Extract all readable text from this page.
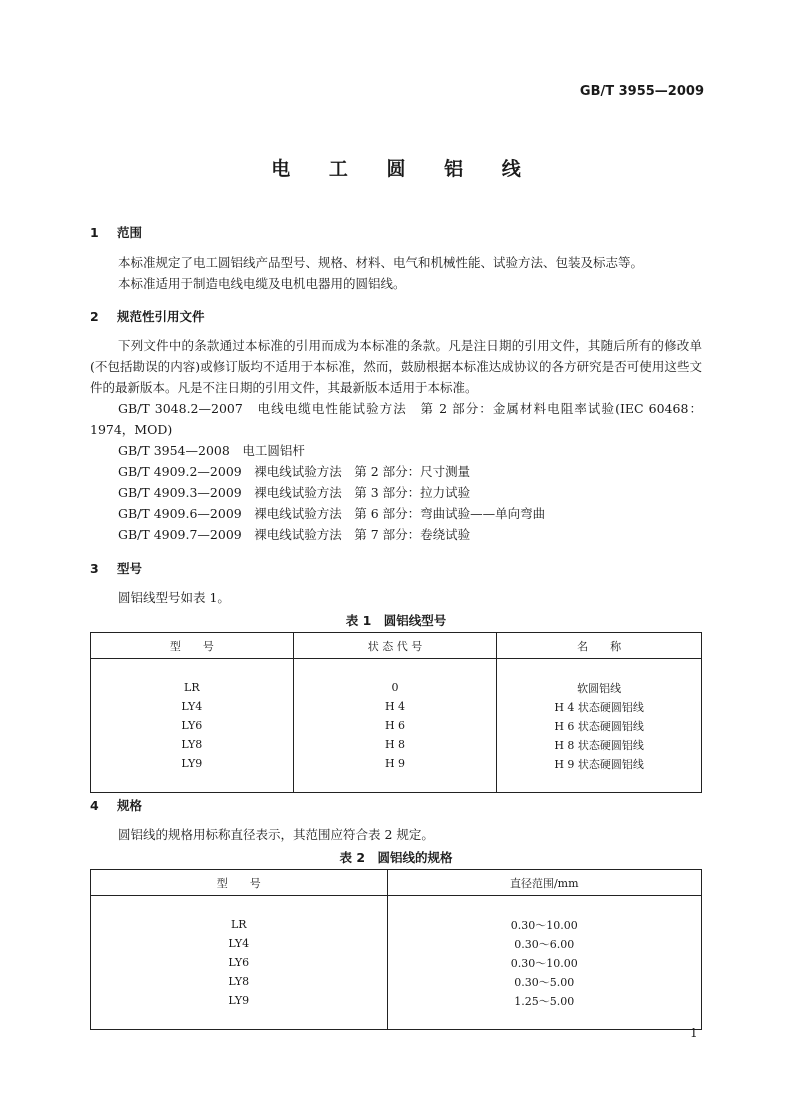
GB/T 3955—2009
电 工 圆 铝 线
1 范围
本标准规定了电工圆铝线产品型号、规格、材料、电气和机械性能、试验方法、包装及标志等。
本标准适用于制造电线电缆及电机电器用的圆铝线。
2 规范性引用文件
下列文件中的条款通过本标准的引用而成为本标准的条款。凡是注日期的引用文件，其随后所有的修改单(不包括勘误的内容)或修订版均不适用于本标准，然而，鼓励根据本标准达成协议的各方研究是否可使用这些文件的最新版本。凡是不注日期的引用文件，其最新版本适用于本标准。
GB/T 3048.2—2007　电线电缆电性能试验方法　第 2 部分：金属材料电阻率试验(IEC 60468：1974，MOD)
GB/T 3954—2008　电工圆铝杆
GB/T 4909.2—2009　裸电线试验方法　第 2 部分：尺寸测量
GB/T 4909.3—2009　裸电线试验方法　第 3 部分：拉力试验
GB/T 4909.6—2009　裸电线试验方法　第 6 部分：弯曲试验——单向弯曲
GB/T 4909.7—2009　裸电线试验方法　第 7 部分：卷绕试验
3 型号
圆铝线型号如表 1。
表 1　圆铝线型号
型　　号	状 态 代 号	名　　称

LR	0	软圆铝线
LY4	H 4	H 4 状态硬圆铝线
LY6	H 6	H 6 状态硬圆铝线
LY8	H 8	H 8 状态硬圆铝线
LY9	H 9	H 9 状态硬圆铝线

4 规格
圆铝线的规格用标称直径表示，其范围应符合表 2 规定。
表 2　圆铝线的规格
型　　号	直径范围/mm

LR	0.30～10.00
LY4	0.30～6.00
LY6	0.30～10.00
LY8	0.30～5.00
LY9	1.25～5.00

1
